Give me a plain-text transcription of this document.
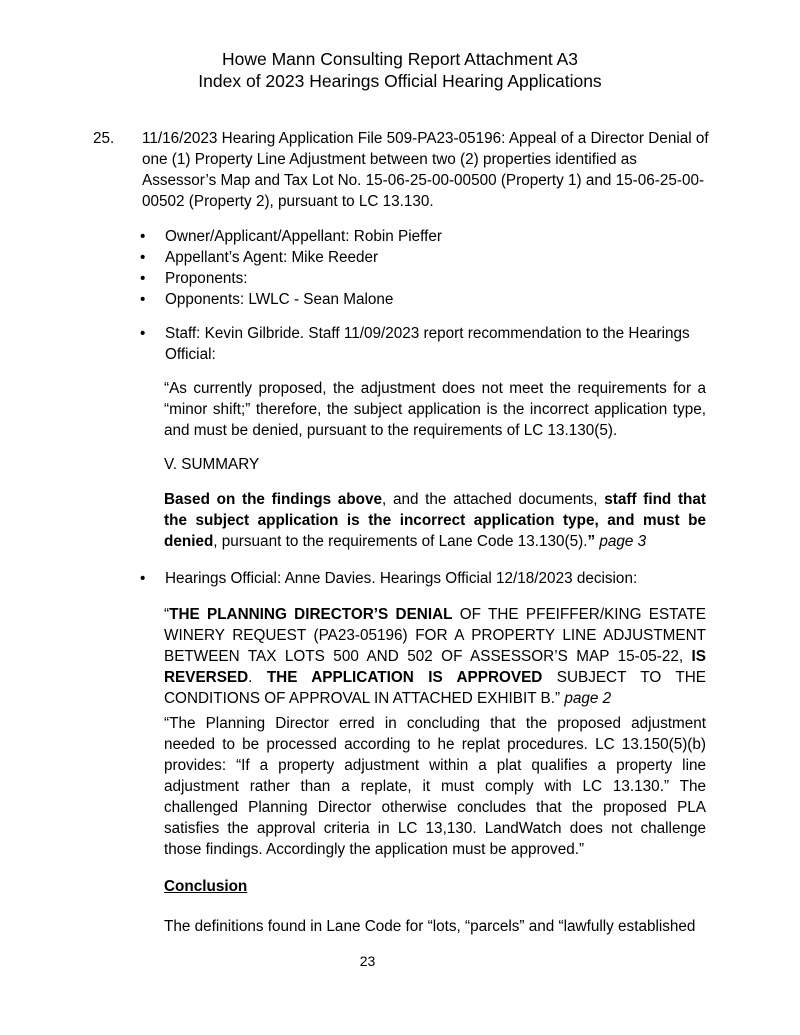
Howe Mann Consulting Report Attachment A3
Index of 2023 Hearings Official Hearing Applications
25. 11/16/2023 Hearing Application File 509-PA23-05196: Appeal of a Director Denial of one (1) Property Line Adjustment between two (2) properties identified as Assessor’s Map and Tax Lot No. 15-06-25-00-00500 (Property 1) and 15-06-25-00-00502 (Property 2), pursuant to LC 13.130.
• Owner/Applicant/Appellant: Robin Pieffer
• Appellant’s Agent: Mike Reeder
• Proponents:
• Opponents: LWLC - Sean Malone
• Staff: Kevin Gilbride. Staff 11/09/2023 report recommendation to the Hearings Official:
“As currently proposed, the adjustment does not meet the requirements for a “minor shift;” therefore, the subject application is the incorrect application type, and must be denied, pursuant to the requirements of LC 13.130(5).
V. SUMMARY
Based on the findings above, and the attached documents, staff find that the subject application is the incorrect application type, and must be denied, pursuant to the requirements of Lane Code 13.130(5).” page 3
• Hearings Official: Anne Davies. Hearings Official 12/18/2023 decision:
“THE PLANNING DIRECTOR’S DENIAL OF THE PFEIFFER/KING ESTATE WINERY REQUEST (PA23-05196) FOR A PROPERTY LINE ADJUSTMENT BETWEEN TAX LOTS 500 AND 502 OF ASSESSOR’S MAP 15-05-22, IS REVERSED. THE APPLICATION IS APPROVED SUBJECT TO THE CONDITIONS OF APPROVAL IN ATTACHED EXHIBIT B.” page 2
“The Planning Director erred in concluding that the proposed adjustment needed to be processed according to he replat procedures. LC 13.150(5)(b) provides: “If a property adjustment within a plat qualifies a property line adjustment rather than a replate, it must comply with LC 13.130.” The challenged Planning Director otherwise concludes that the proposed PLA satisfies the approval criteria in LC 13,130. LandWatch does not challenge those findings. Accordingly the application must be approved.”
Conclusion
The definitions found in Lane Code for “lots, “parcels” and “lawfully established
23
